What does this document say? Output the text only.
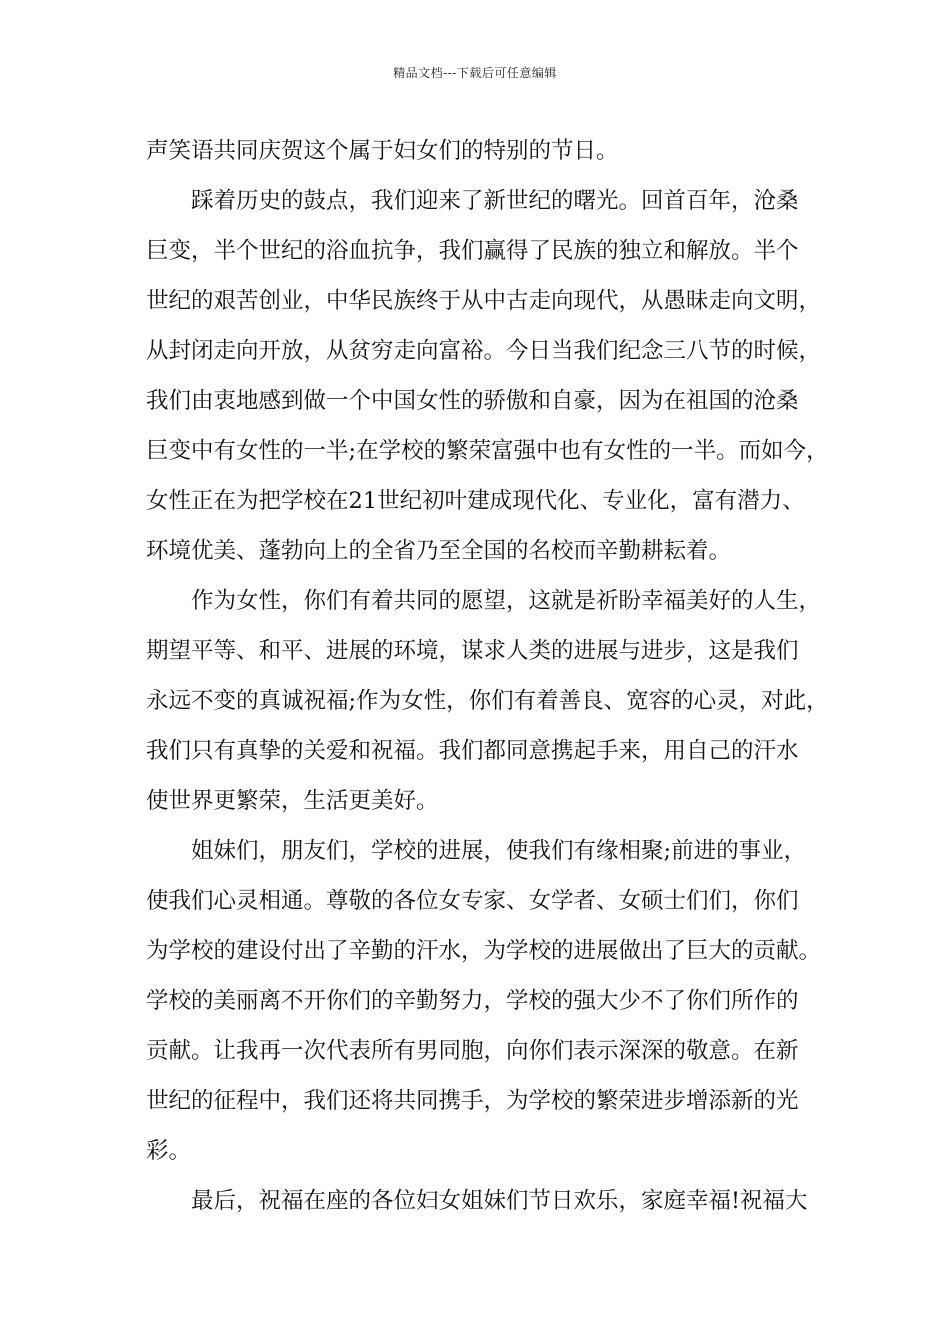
精品文档---下载后可任意编辑
声笑语共同庆贺这个属于妇女们的特别的节日。
踩着历史的鼓点，我们迎来了新世纪的曙光。回首百年，沧桑
巨变，半个世纪的浴血抗争，我们赢得了民族的独立和解放。半个
世纪的艰苦创业，中华民族终于从中古走向现代，从愚昧走向文明，
从封闭走向开放，从贫穷走向富裕。今日当我们纪念三八节的时候，
我们由衷地感到做一个中国女性的骄傲和自豪，因为在祖国的沧桑
巨变中有女性的一半;在学校的繁荣富强中也有女性的一半。而如今，
女性正在为把学校在21世纪初叶建成现代化、专业化，富有潜力、
环境优美、蓬勃向上的全省乃至全国的名校而辛勤耕耘着。
作为女性，你们有着共同的愿望，这就是祈盼幸福美好的人生，
期望平等、和平、进展的环境，谋求人类的进展与进步，这是我们
永远不变的真诚祝福;作为女性，你们有着善良、宽容的心灵，对此，
我们只有真挚的关爱和祝福。我们都同意携起手来，用自己的汗水
使世界更繁荣，生活更美好。
姐妹们，朋友们，学校的进展，使我们有缘相聚;前进的事业，
使我们心灵相通。尊敬的各位女专家、女学者、女硕士们们，你们
为学校的建设付出了辛勤的汗水，为学校的进展做出了巨大的贡献。
学校的美丽离不开你们的辛勤努力，学校的强大少不了你们所作的
贡献。让我再一次代表所有男同胞，向你们表示深深的敬意。在新
世纪的征程中，我们还将共同携手，为学校的繁荣进步增添新的光
彩。
最后，祝福在座的各位妇女姐妹们节日欢乐，家庭幸福!祝福大
